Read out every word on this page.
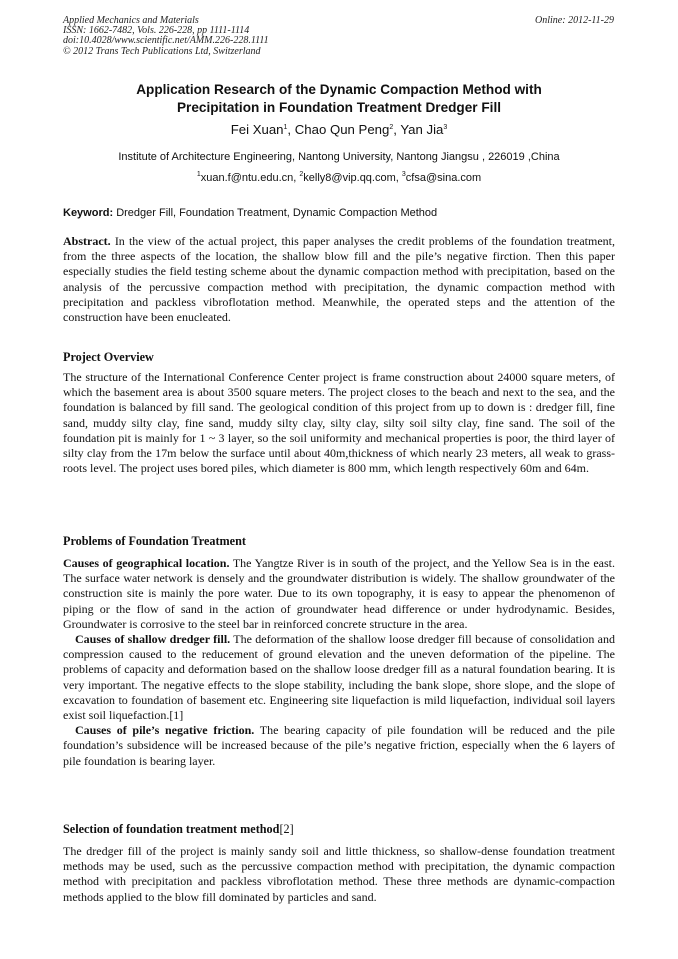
Applied Mechanics and Materials
ISSN: 1662-7482, Vols. 226-228, pp 1111-1114
doi:10.4028/www.scientific.net/AMM.226-228.1111
© 2012 Trans Tech Publications Ltd, Switzerland
Online: 2012-11-29
Application Research of the Dynamic Compaction Method with
Precipitation in Foundation Treatment Dredger Fill
Fei Xuan$^1$, Chao Qun Peng$^2$, Yan Jia$^3$
Institute of Architecture Engineering, Nantong University, Nantong Jiangsu , 226019 ,China
$^1$xuan.f@ntu.edu.cn, $^2$kelly8@vip.qq.com, $^3$cfsa@sina.com
Keyword: Dredger Fill, Foundation Treatment, Dynamic Compaction Method
Abstract. In the view of the actual project, this paper analyses the credit problems of the foundation treatment, from the three aspects of the location, the shallow blow fill and the pile’s negative firction. Then this paper especially studies the field testing scheme about the dynamic compaction method with precipitation, based on the analysis of the percussive compaction method with precipitation, the dynamic compaction method with precipitation and packless vibroflotation method. Meanwhile, the operated steps and the attention of the construction have been enucleated.
Project Overview
The structure of the International Conference Center project is frame construction about 24000 square meters, of which the basement area is about 3500 square meters. The project closes to the beach and next to the sea, and the foundation is balanced by fill sand. The geological condition of this project from up to down is : dredger fill, fine sand, muddy silty clay, fine sand, muddy silty clay, silty clay, silty soil silty clay, fine sand. The soil of the foundation pit is mainly for 1 ~ 3 layer, so the soil uniformity and mechanical properties is poor, the third layer of silty clay from the 17m below the surface until about 40m,thickness of which nearly 23 meters, all weak to grass-roots level. The project uses bored piles, which diameter is 800 mm, which length respectively 60m and 64m.
Problems of Foundation Treatment
Causes of geographical location. The Yangtze River is in south of the project, and the Yellow Sea is in the east. The surface water network is densely and the groundwater distribution is widely. The shallow groundwater of the construction site is mainly the pore water. Due to its own topography, it is easy to appear the phenomenon of piping or the flow of sand in the action of groundwater head difference or under hydrodynamic. Besides, Groundwater is corrosive to the steel bar in reinforced concrete structure in the area.
Causes of shallow dredger fill. The deformation of the shallow loose dredger fill because of consolidation and compression caused to the reducement of ground elevation and the uneven deformation of the pipeline. The problems of capacity and deformation based on the shallow loose dredger fill as a natural foundation bearing. It is very important. The negative effects to the slope stability, including the bank slope, shore slope, and the slope of excavation to foundation of basement etc. Engineering site liquefaction is mild liquefaction, individual soil layers exist soil liquefaction.[1]
Causes of pile’s negative friction. The bearing capacity of pile foundation will be reduced and the pile foundation’s subsidence will be increased because of the pile’s negative friction, especially when the 6 layers of pile foundation is bearing layer.
Selection of foundation treatment method[2]
The dredger fill of the project is mainly sandy soil and little thickness, so shallow-dense foundation treatment methods may be used, such as the percussive compaction method with precipitation, the dynamic compaction method with precipitation and packless vibroflotation method. These three methods are dynamic-compaction methods applied to the blow fill dominated by particles and sand.
